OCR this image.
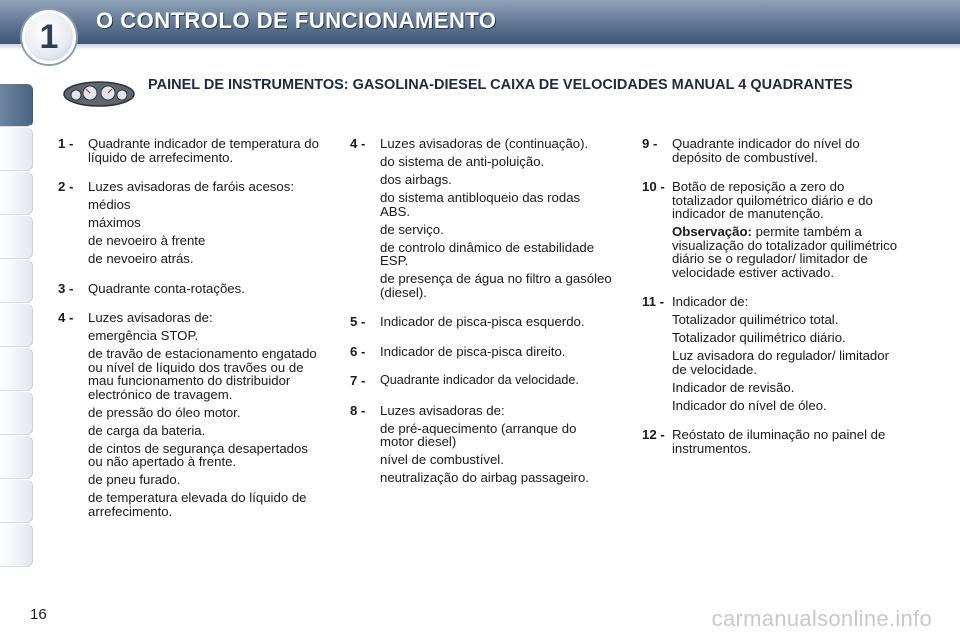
1	O CONTROLO DE FUNCIONAMENTO
PAINEL DE INSTRUMENTOS: GASOLINA-DIESEL CAIXA DE VELOCIDADES MANUAL 4 QUADRANTES
1 - Quadrante indicador de temperatura do líquido de arrefecimento.
2 - Luzes avisadoras de faróis acesos:
médios
máximos
de nevoeiro à frente
de nevoeiro atrás.
3 - Quadrante conta-rotações.
4 - Luzes avisadoras de:
emergência STOP.
de travão de estacionamento engatado ou nível de líquido dos travões ou de mau funcionamento do distribuidor electrónico de travagem.
de pressão do óleo motor.
de carga da bateria.
de cintos de segurança desapertados ou não apertado à frente.
de pneu furado.
de temperatura elevada do líquido de arrefecimento.
4 - Luzes avisadoras de (continuação).
do sistema de anti-poluição.
dos airbags.
do sistema antibloqueio das rodas ABS.
de serviço.
de controlo dinâmico de estabilidade ESP.
de presença de água no filtro a gasóleo (diesel).
5 - Indicador de pisca-pisca esquerdo.
6 - Indicador de pisca-pisca direito.
7 - Quadrante indicador da velocidade.
8 - Luzes avisadoras de:
de pré-aquecimento (arranque do motor diesel)
nível de combustível.
neutralização do airbag passageiro.
9 - Quadrante indicador do nível do depósito de combustível.
10 - Botão de reposição a zero do totalizador quilométrico diário e do indicador de manutenção.
Observação: permite também a visualização do totalizador quilimétrico diário se o regulador/ limitador de velocidade estiver activado.
11 - Indicador de:
Totalizador quilimétrico total.
Totalizador quilimétrico diário.
Luz avisadora do regulador/ limitador de velocidade.
Indicador de revisão.
Indicador do nível de óleo.
12 - Reóstato de iluminação no painel de instrumentos.
16	carmanualsonline.info
